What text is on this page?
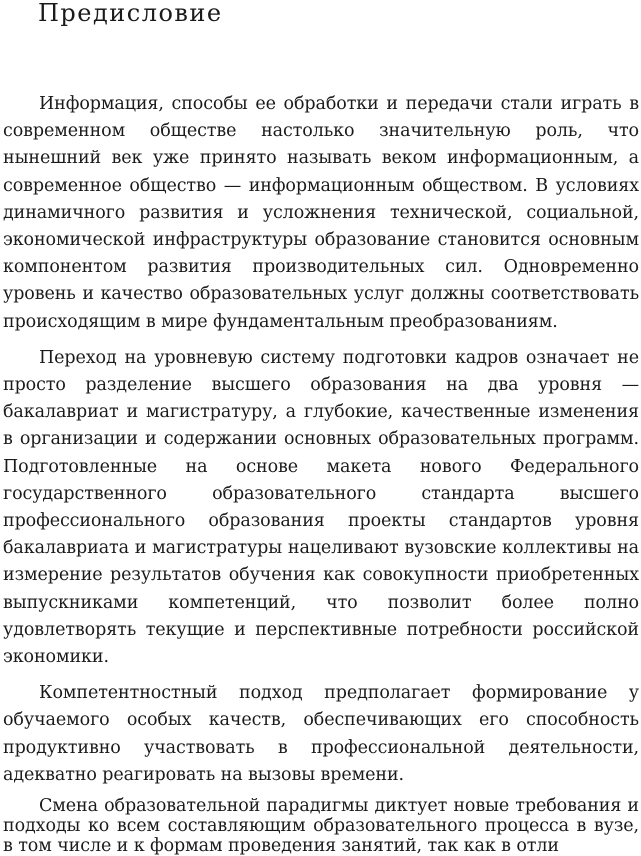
Предисловие

Информация, способы ее обработки и передачи стали играть в современном обществе настолько значительную роль, что нынешний век уже принято называть веком информационным, а современное общество — информационным обществом. В условиях динамичного развития и усложнения технической, социальной, экономической инфраструктуры образование становится основным компонентом развития производительных сил. Одновременно уровень и качество образовательных услуг должны соответствовать происходящим в мире фундаментальным преобразованиям.

Переход на уровневую систему подготовки кадров означает не просто разделение высшего образования на два уровня — бакалавриат и магистратуру, а глубокие, качественные изменения в организации и содержании основных образовательных программ. Подготовленные на основе макета нового Федерального государственного образовательного стандарта высшего профессионального образования проекты стандартов уровня бакалавриата и магистратуры нацеливают вузовские коллективы на измерение результатов обучения как совокупности приобретенных выпускниками компетенций, что позволит более полно удовлетворять текущие и перспективные потребности российской экономики.

Компетентностный подход предполагает формирование у обучаемого особых качеств, обеспечивающих его способность продуктивно участвовать в профессиональной деятельности, адекватно реагировать на вызовы времени.

Смена образовательной парадигмы диктует новые требования и подходы ко всем составляющим образовательного процесса в вузе, в том числе и к формам проведения занятий, так как в отли
